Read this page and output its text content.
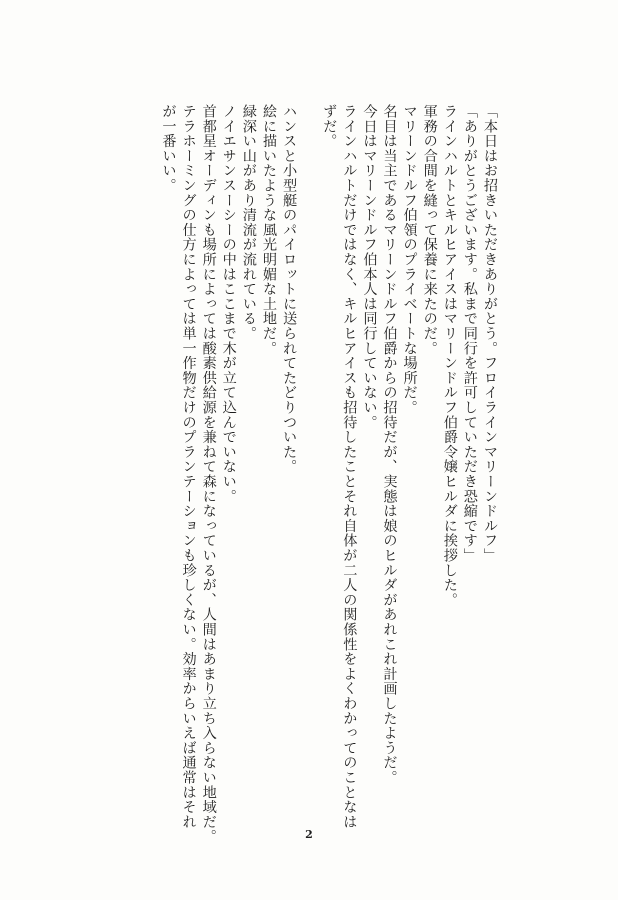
「本日はお招きいただきありがとう。フロイラインマリーンドルフ」
「ありがとうございます。私まで同行を許可していただき恐縮です」
ラインハルトとキルヒアイスはマリーンドルフ伯爵令嬢ヒルダに挨拶した。
軍務の合間を縫って保養に来たのだ。
マリーンドルフ伯領のプライベートな場所だ。
名目は当主であるマリーンドルフ伯爵からの招待だが、実態は娘のヒルダがあれこれ計画したようだ。
今日はマリーンドルフ伯本人は同行していない。
ラインハルトだけではなく、キルヒアイスも招待したことそれ自体が二人の関係性をよくわかってのことなは
ずだ。

ハンスと小型艇のパイロットに送られてたどりついた。
絵に描いたような風光明媚な土地だ。
緑深い山があり清流が流れている。
ノイエサンスーシーの中はここまで木が立て込んでいない。
首都星オーディンも場所によっては酸素供給源を兼ねて森になっているが、人間はあまり立ち入らない地域だ。
テラホーミングの仕方によっては単一作物だけのプランテーションも珍しくない。効率からいえば通常はそれ
が一番いい。
2
